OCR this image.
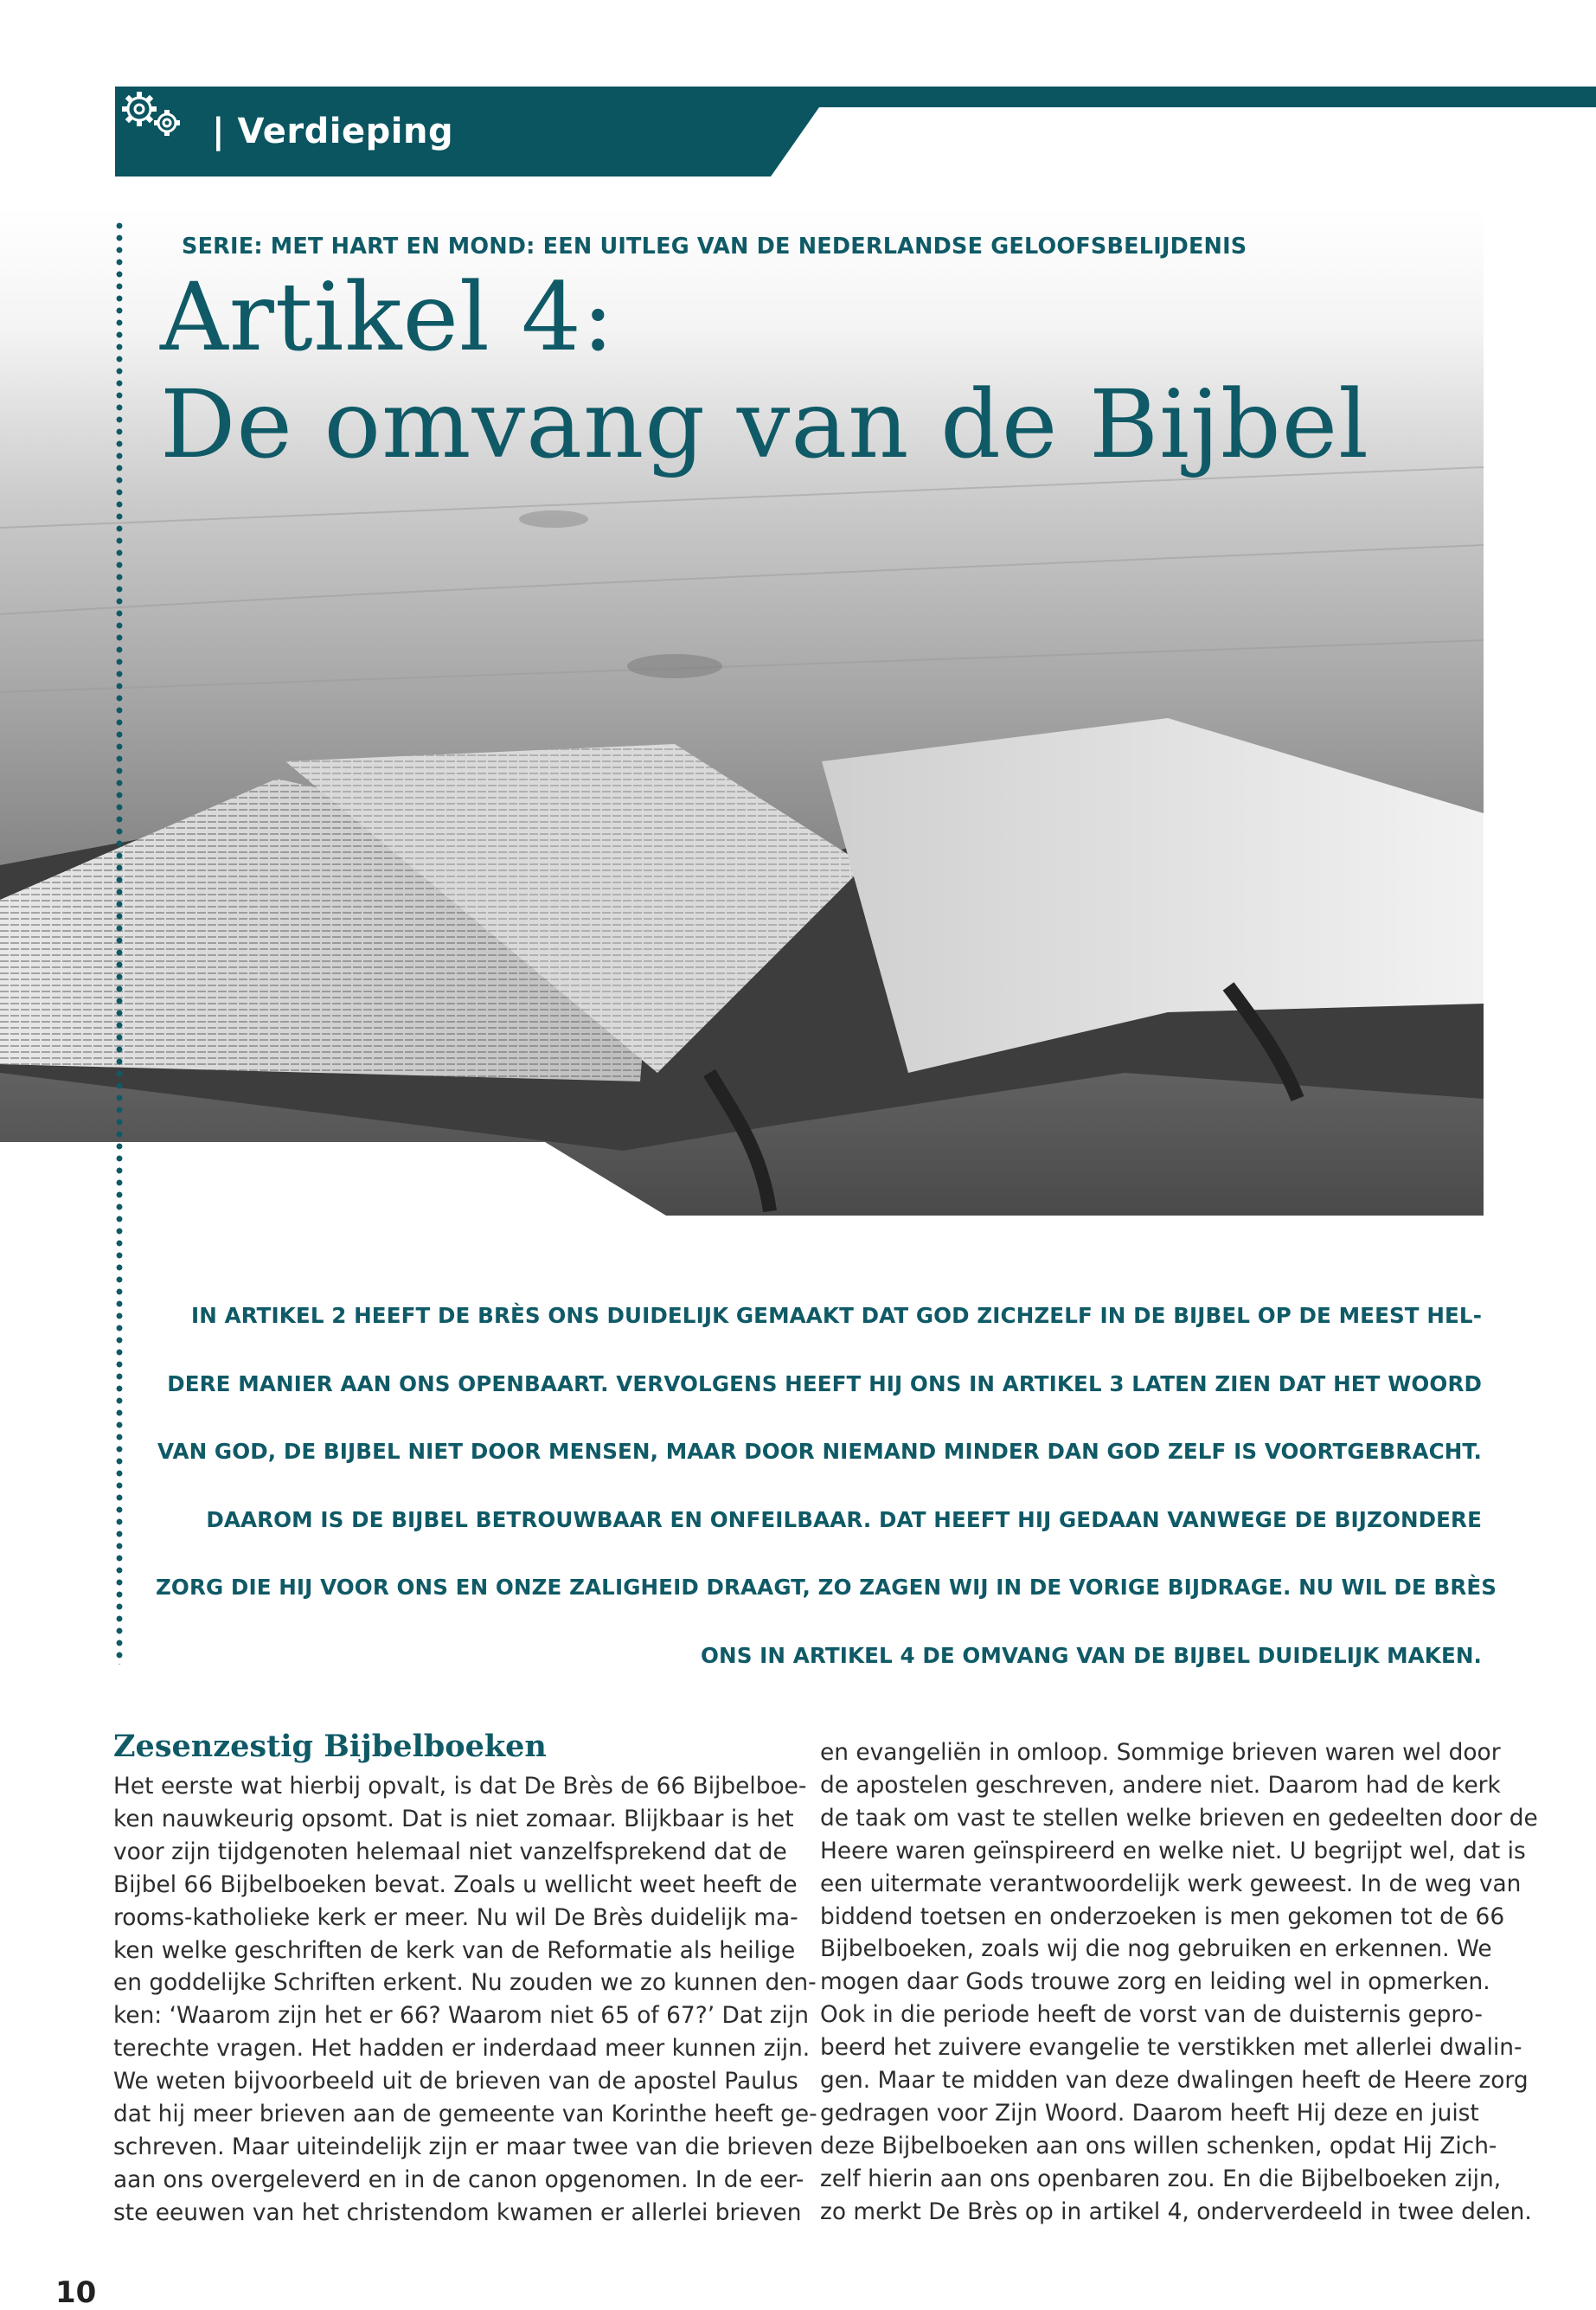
| Verdieping
SERIE: MET HART EN MOND: EEN UITLEG VAN DE NEDERLANDSE GELOOFSBELIJDENIS
Artikel 4:
De omvang van de Bijbel
IN ARTIKEL 2 HEEFT DE BRÈS ONS DUIDELIJK GEMAAKT DAT GOD ZICHZELF IN DE BIJBEL OP DE MEEST HEL-
DERE MANIER AAN ONS OPENBAART. VERVOLGENS HEEFT HIJ ONS IN ARTIKEL 3 LATEN ZIEN DAT HET WOORD
VAN GOD, DE BIJBEL NIET DOOR MENSEN, MAAR DOOR NIEMAND MINDER DAN GOD ZELF IS VOORTGEBRACHT.
DAAROM IS DE BIJBEL BETROUWBAAR EN ONFEILBAAR. DAT HEEFT HIJ GEDAAN VANWEGE DE BIJZONDERE
ZORG DIE HIJ VOOR ONS EN ONZE ZALIGHEID DRAAGT, ZO ZAGEN WIJ IN DE VORIGE BIJDRAGE. NU WIL DE BRÈS
ONS IN ARTIKEL 4 DE OMVANG VAN DE BIJBEL DUIDELIJK MAKEN.
Zesenzestig Bijbelboeken
Het eerste wat hierbij opvalt, is dat De Brès de 66 Bijbelboe-
ken nauwkeurig opsomt. Dat is niet zomaar. Blijkbaar is het
voor zijn tijdgenoten helemaal niet vanzelfsprekend dat de
Bijbel 66 Bijbelboeken bevat. Zoals u wellicht weet heeft de
rooms-katholieke kerk er meer. Nu wil De Brès duidelijk ma-
ken welke geschriften de kerk van de Reformatie als heilige
en goddelijke Schriften erkent. Nu zouden we zo kunnen den-
ken: ‘Waarom zijn het er 66? Waarom niet 65 of 67?’ Dat zijn
terechte vragen. Het hadden er inderdaad meer kunnen zijn.
We weten bijvoorbeeld uit de brieven van de apostel Paulus
dat hij meer brieven aan de gemeente van Korinthe heeft ge-
schreven. Maar uiteindelijk zijn er maar twee van die brieven
aan ons overgeleverd en in de canon opgenomen. In de eer-
ste eeuwen van het christendom kwamen er allerlei brieven
en evangeliën in omloop. Sommige brieven waren wel door
de apostelen geschreven, andere niet. Daarom had de kerk
de taak om vast te stellen welke brieven en gedeelten door de
Heere waren geïnspireerd en welke niet. U begrijpt wel, dat is
een uitermate verantwoordelijk werk geweest. In de weg van
biddend toetsen en onderzoeken is men gekomen tot de 66
Bijbelboeken, zoals wij die nog gebruiken en erkennen. We
mogen daar Gods trouwe zorg en leiding wel in opmerken.
Ook in die periode heeft de vorst van de duisternis gepro-
beerd het zuivere evangelie te verstikken met allerlei dwalin-
gen. Maar te midden van deze dwalingen heeft de Heere zorg
gedragen voor Zijn Woord. Daarom heeft Hij deze en juist
deze Bijbelboeken aan ons willen schenken, opdat Hij Zich-
zelf hierin aan ons openbaren zou. En die Bijbelboeken zijn,
zo merkt De Brès op in artikel 4, onderverdeeld in twee delen.
10
